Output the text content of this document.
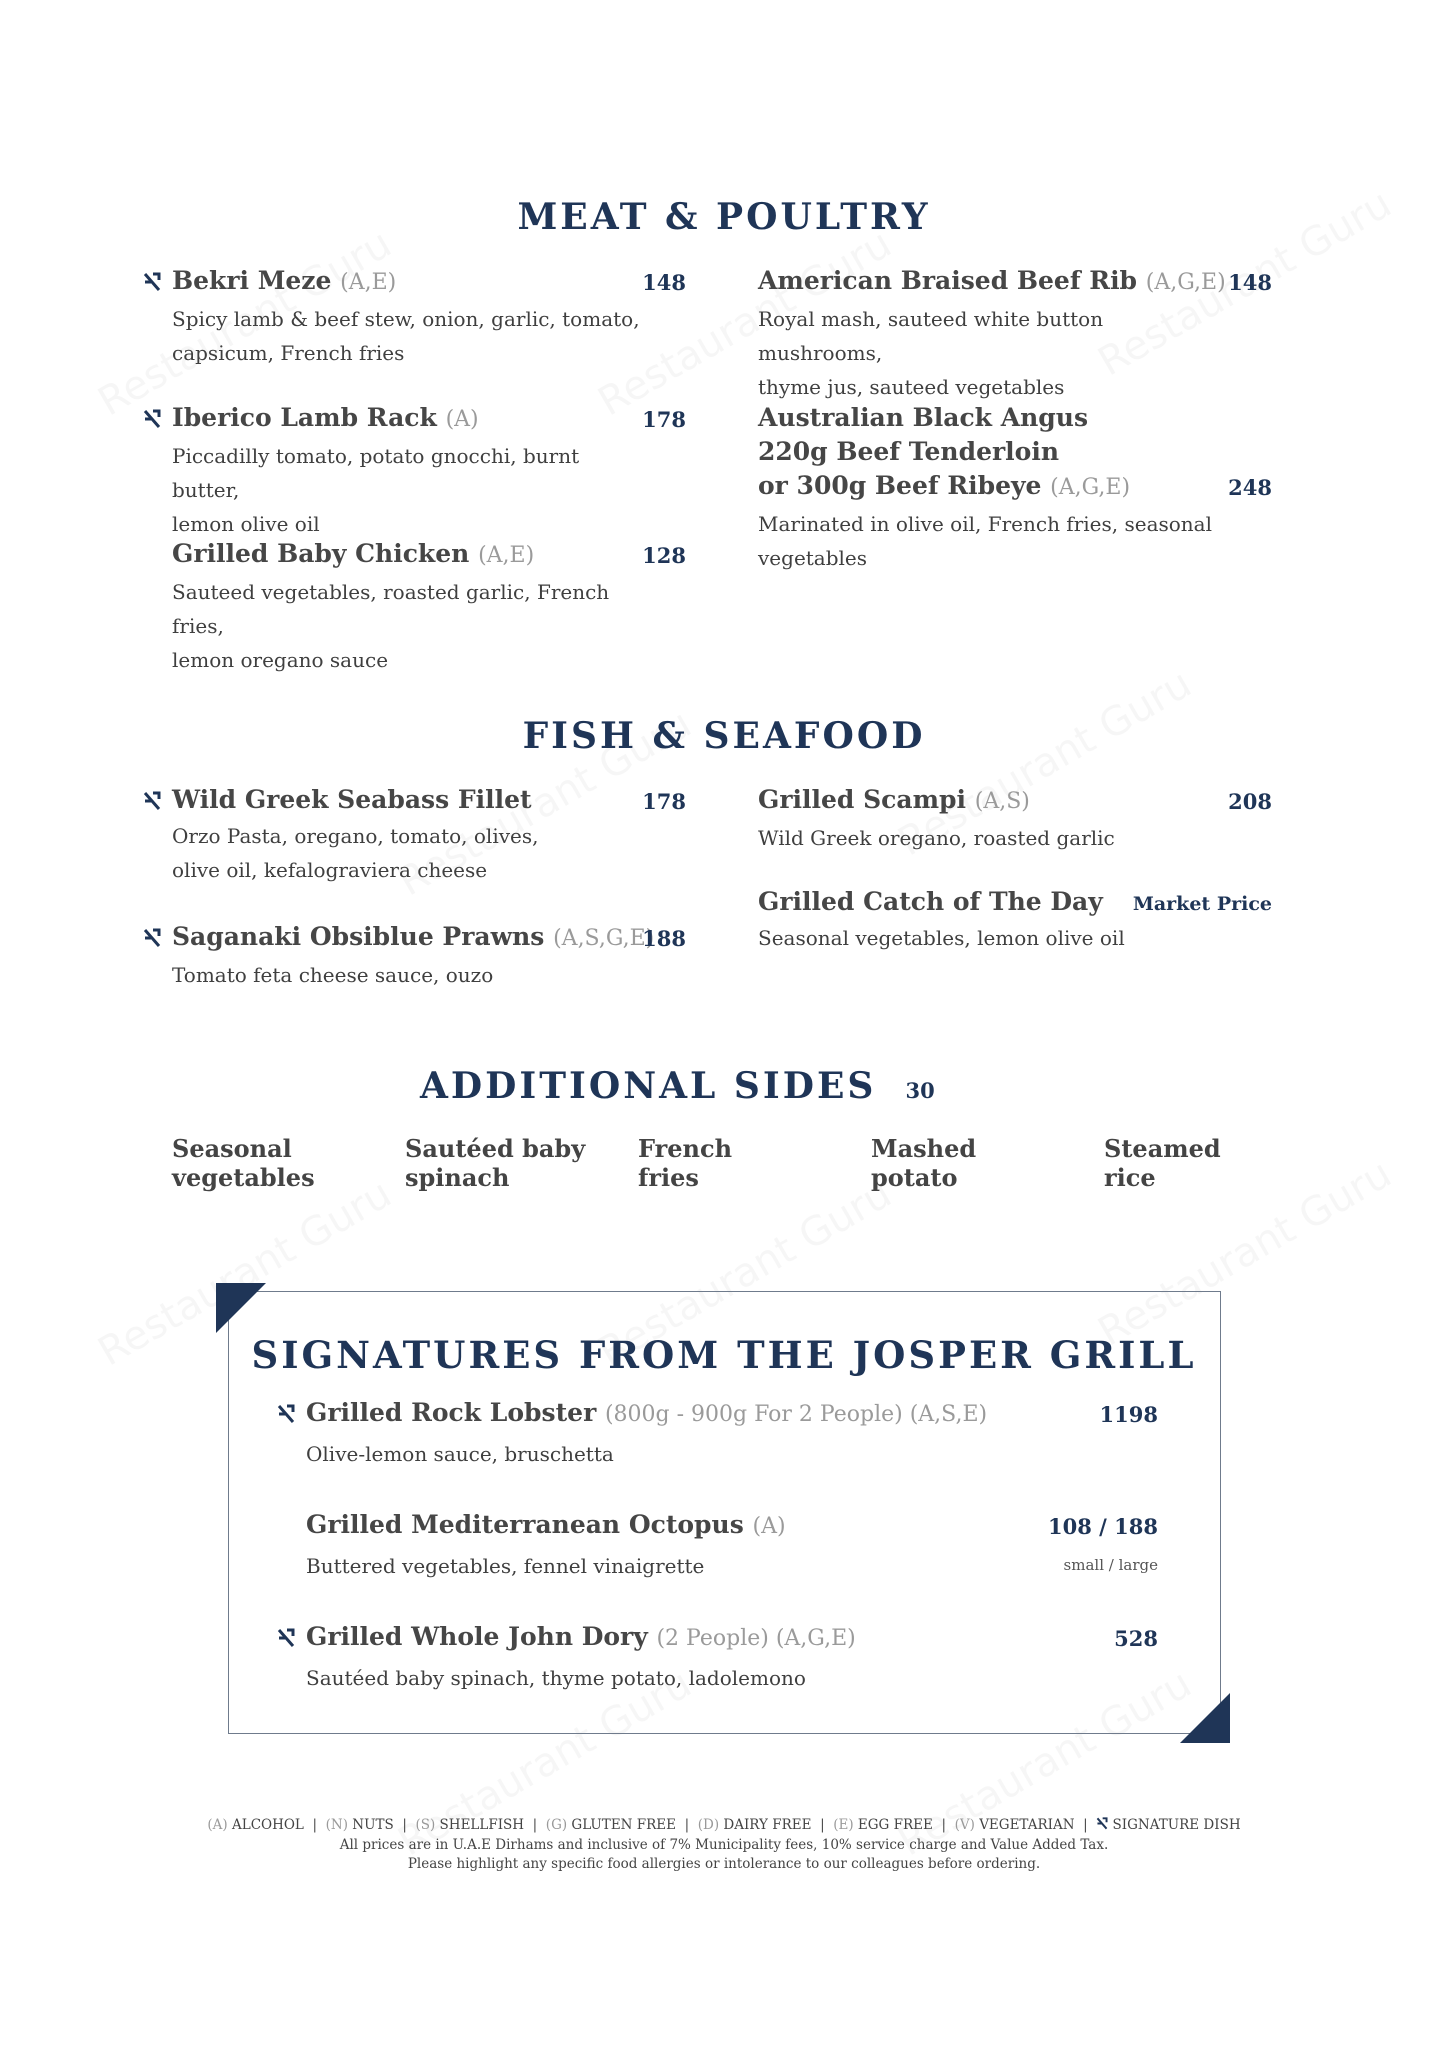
MEAT & POULTRY
Bekri Meze (A,E)
Spicy lamb & beef stew, onion, garlic, tomato,
capsicum, French fries
148
Iberico Lamb Rack (A)
Piccadilly tomato, potato gnocchi, burnt butter,
lemon olive oil
178
Grilled Baby Chicken (A,E)
Sauteed vegetables, roasted garlic, French fries,
lemon oregano sauce
128
American Braised Beef Rib (A,G,E)
Royal mash, sauteed white button mushrooms,
thyme jus, sauteed vegetables
148
Australian Black Angus
220g Beef Tenderloin
or 300g Beef Ribeye (A,G,E)
Marinated in olive oil, French fries, seasonal vegetables
248
FISH & SEAFOOD
Wild Greek Seabass Fillet
Orzo Pasta, oregano, tomato, olives,
olive oil, kefalograviera cheese
178
Saganaki Obsiblue Prawns (A,S,G,E)
Tomato feta cheese sauce, ouzo
188
Grilled Scampi (A,S)
Wild Greek oregano, roasted garlic
208
Grilled Catch of The Day
Seasonal vegetables, lemon olive oil
Market Price
ADDITIONAL SIDES 30
Seasonal
vegetables
Sautéed baby
spinach
French
fries
Mashed
potato
Steamed
rice
SIGNATURES FROM THE JOSPER GRILL
Grilled Rock Lobster (800g - 900g For 2 People) (A,S,E)
Olive-lemon sauce, bruschetta
1198
Grilled Mediterranean Octopus (A)
Buttered vegetables, fennel vinaigrette
108 / 188
small / large
Grilled Whole John Dory (2 People) (A,G,E)
Sautéed baby spinach, thyme potato, ladolemono
528
(A) ALCOHOL  |  (N) NUTS  |  (S) SHELLFISH  |  (G) GLUTEN FREE  |  (D) DAIRY FREE  |  (E) EGG FREE  |  (V) VEGETARIAN  |   SIGNATURE DISH
All prices are in U.A.E Dirhams and inclusive of 7% Municipality fees, 10% service charge and Value Added Tax.
Please highlight any specific food allergies or intolerance to our colleagues before ordering.
